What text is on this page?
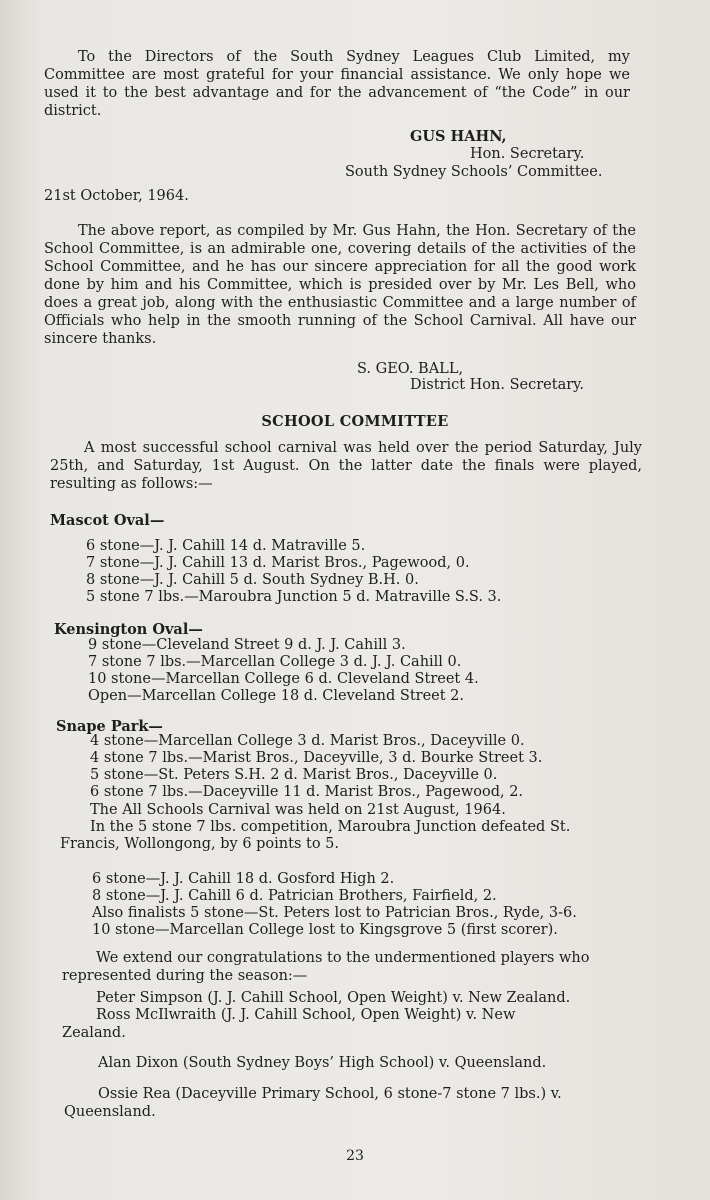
To the Directors of the South Sydney Leagues Club Limited, my Committee are most grateful for your financial assistance. We only hope we used it to the best advantage and for the advancement of “the Code” in our district.

GUS HAHN,
Hon. Secretary.
South Sydney Schools’ Committee.
21st October, 1964.

The above report, as compiled by Mr. Gus Hahn, the Hon. Secretary of the School Committee, is an admirable one, covering details of the activities of the School Committee, and he has our sincere appreciation for all the good work done by him and his Committee, which is presided over by Mr. Les Bell, who does a great job, along with the enthusiastic Committee and a large number of Officials who help in the smooth running of the School Carnival. All have our sincere thanks.

S. GEO. BALL,
District Hon. Secretary.
SCHOOL COMMITTEE

A most successful school carnival was held over the period Saturday, July 25th, and Saturday, 1st August. On the latter date the finals were played, resulting as follows:—

Mascot Oval—
6 stone—J. J. Cahill 14 d. Matraville 5.
7 stone—J. J. Cahill 13 d. Marist Bros., Pagewood, 0.
8 stone—J. J. Cahill 5 d. South Sydney B.H. 0.
5 stone 7 lbs.—Maroubra Junction 5 d. Matraville S.S. 3.
Kensington Oval—
9 stone—Cleveland Street 9 d. J. J. Cahill 3.
7 stone 7 lbs.—Marcellan College 3 d. J. J. Cahill 0.
10 stone—Marcellan College 6 d. Cleveland Street 4.
Open—Marcellan College 18 d. Cleveland Street 2.
Snape Park—
4 stone—Marcellan College 3 d. Marist Bros., Daceyville 0.
4 stone 7 lbs.—Marist Bros., Daceyville, 3 d. Bourke Street 3.
5 stone—St. Peters S.H. 2 d. Marist Bros., Daceyville 0.
6 stone 7 lbs.—Daceyville 11 d. Marist Bros., Pagewood, 2.
The All Schools Carnival was held on 21st August, 1964.
In the 5 stone 7 lbs. competition, Maroubra Junction defeated St.
Francis, Wollongong, by 6 points to 5.
6 stone—J. J. Cahill 18 d. Gosford High 2.
8 stone—J. J. Cahill 6 d. Patrician Brothers, Fairfield, 2.
Also finalists 5 stone—St. Peters lost to Patrician Bros., Ryde, 3-6.
10 stone—Marcellan College lost to Kingsgrove 5 (first scorer).
We extend our congratulations to the undermentioned players who
represented during the season:—
Peter Simpson (J. J. Cahill School, Open Weight) v. New Zealand.
Ross McIlwraith (J. J. Cahill School, Open Weight) v. New
Zealand.
Alan Dixon (South Sydney Boys’ High School) v. Queensland.
Ossie Rea (Daceyville Primary School, 6 stone-7 stone 7 lbs.) v.
Queensland.
23
